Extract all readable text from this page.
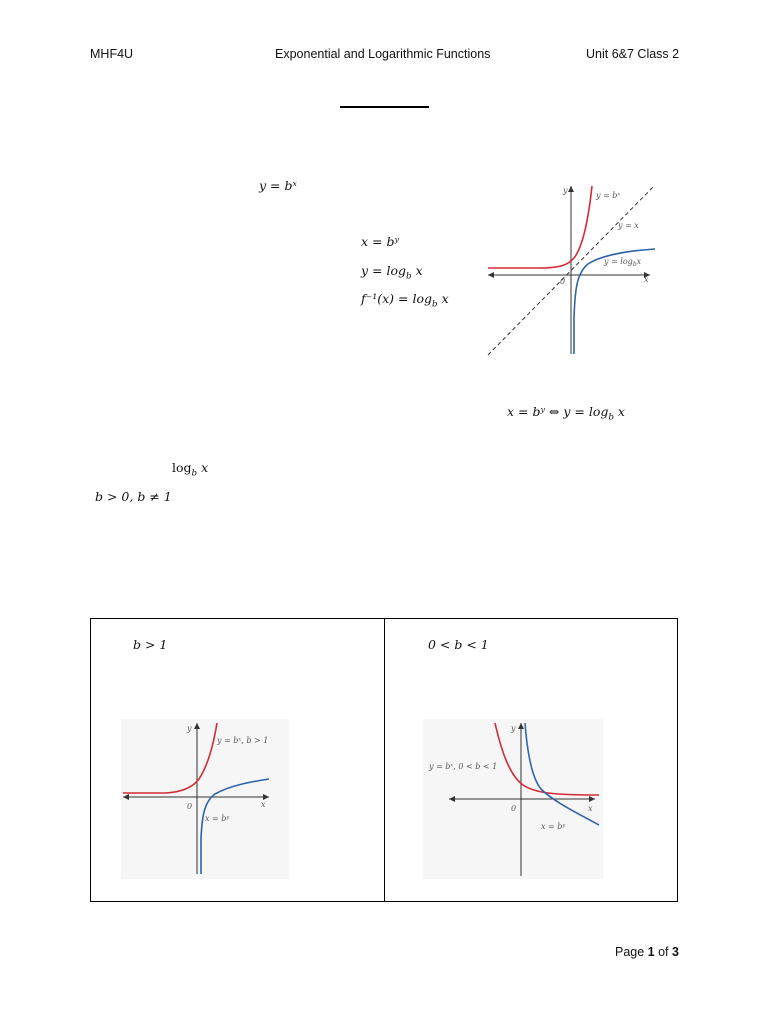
MHF4U	Exponential and Logarithmic Functions	Unit 6&7 Class 2
y = bˣ
x = bʸ
$y = \log_b x$
$f^{-1}(x) = \log_b x$
x = bʸ ⇔ $y = \log_b x$
$\log_b x$
b > 0, b ≠ 1
y
x
0
y = bˣ
y = x
$y = \log_bx$
b > 1
y
x
0
y = bˣ, b > 1
x = bʸ

0 < b < 1
y
x
0
y = bˣ, 0 < b < 1
x = bʸ
Page 1 of 3
